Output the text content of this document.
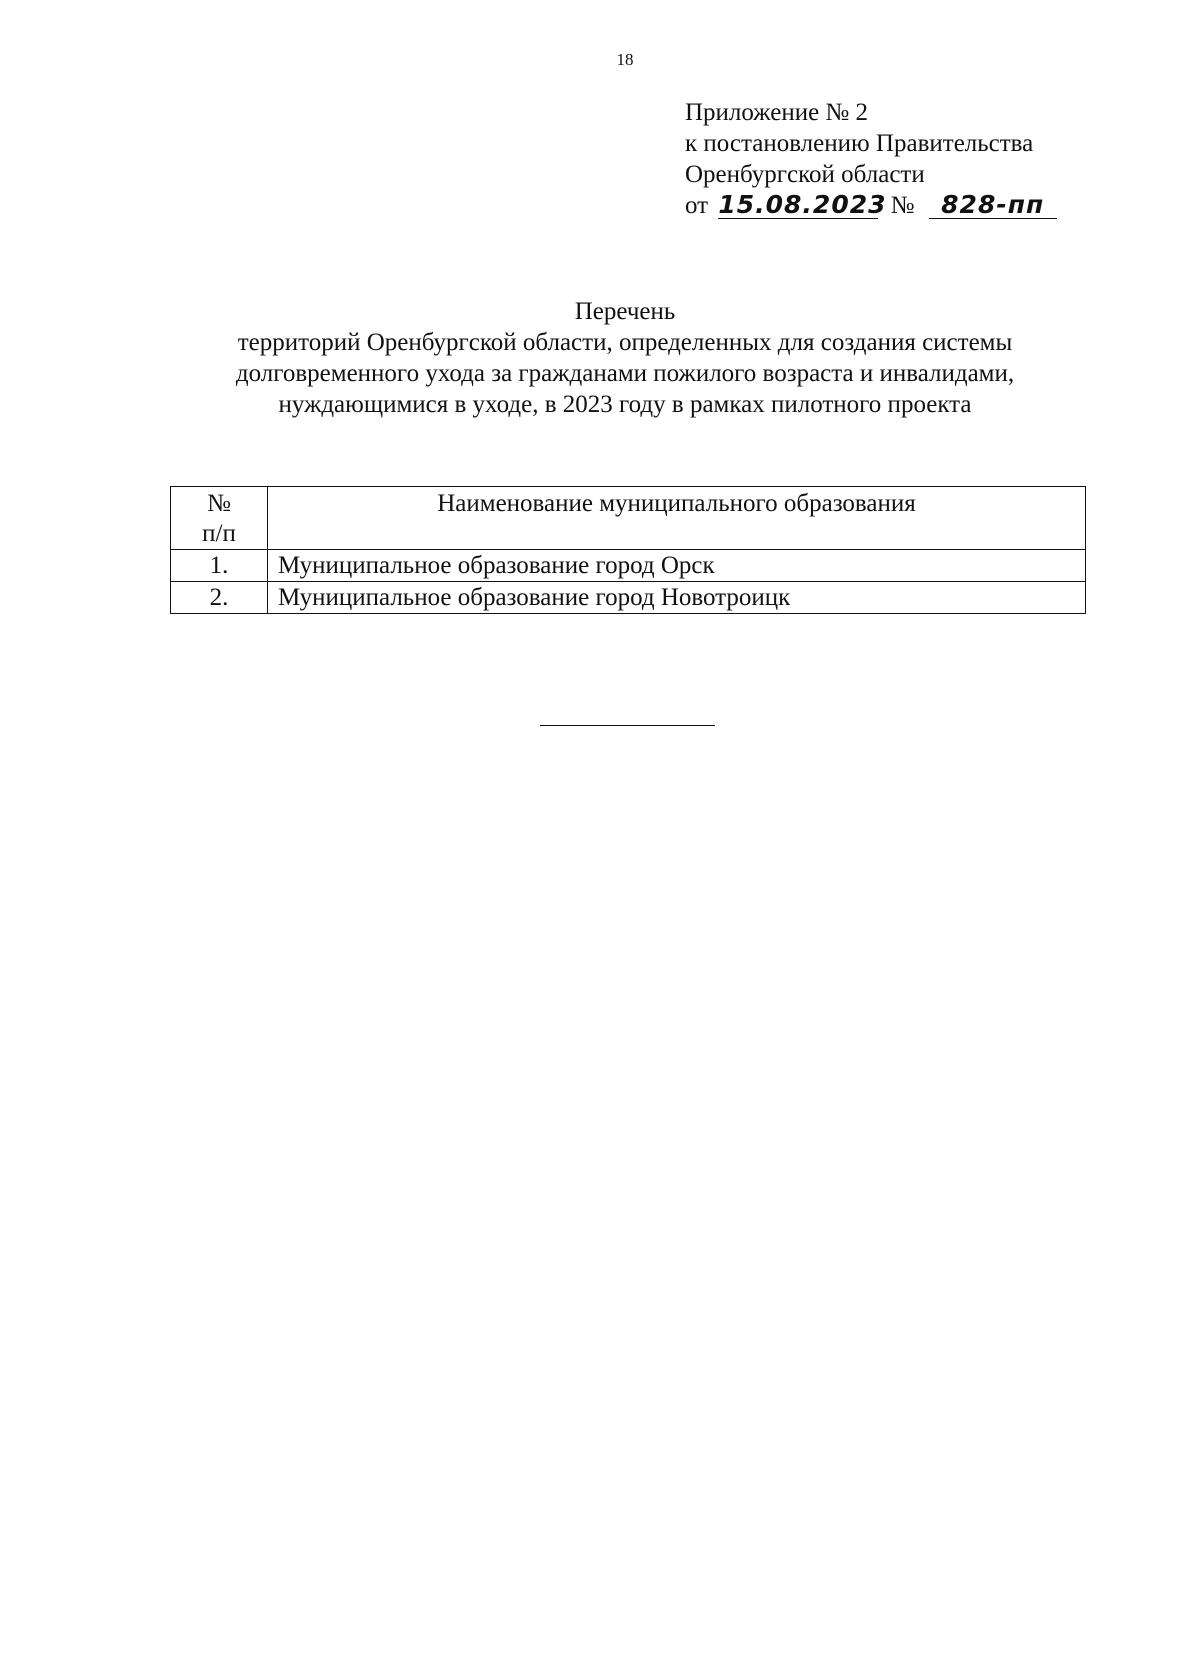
18
Приложение № 2
к постановлению Правительства
Оренбургской области
от 15.08.2023 № 828-пп
Перечень
территорий Оренбургской области, определенных для создания системы
долговременного ухода за гражданами пожилого возраста и инвалидами,
нуждающимися в уходе, в 2023 году в рамках пилотного проекта
№
п/п	Наименование муниципального образования
1.	Муниципальное образование город Орск
2.	Муниципальное образование город Новотроицк
